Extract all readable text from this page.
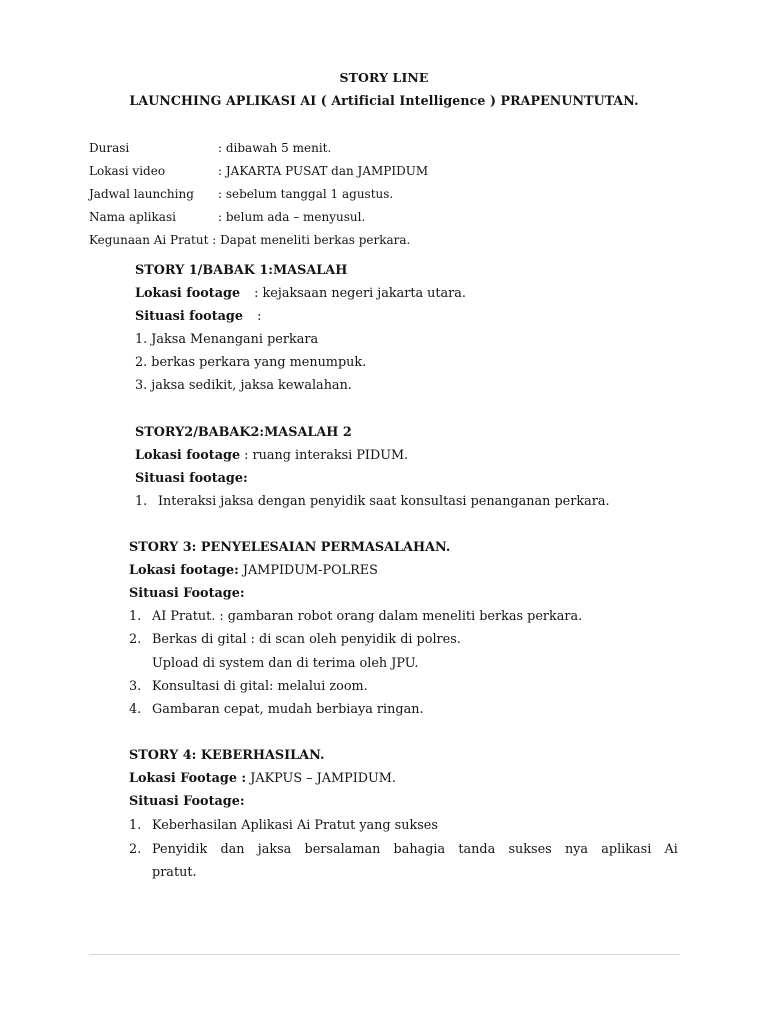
STORY LINE
LAUNCHING APLIKASI AI ( Artificial Intelligence ) PRAPENUNTUTAN.
Durasi	: dibawah 5 menit.
Lokasi video	: JAKARTA PUSAT dan JAMPIDUM
Jadwal launching : sebelum tanggal 1 agustus.
Nama aplikasi	: belum ada – menyusul.
Kegunaan Ai Pratut : Dapat meneliti berkas perkara.
STORY 1/BABAK 1:MASALAH
Lokasi footage : kejaksaan negeri jakarta utara.
Situasi footage :
1. Jaksa Menangani perkara
2. berkas perkara yang menumpuk.
3. jaksa sedikit, jaksa kewalahan.
STORY2/BABAK2:MASALAH 2
Lokasi footage : ruang interaksi PIDUM.
Situasi footage:
1. Interaksi jaksa dengan penyidik saat konsultasi penanganan perkara.
STORY 3: PENYELESAIAN PERMASALAHAN.
Lokasi footage: JAMPIDUM-POLRES
Situasi Footage:
1. AI Pratut. : gambaran robot orang dalam meneliti berkas perkara.
2. Berkas di gital : di scan oleh penyidik di polres.
Upload di system dan di terima oleh JPU.
3. Konsultasi di gital: melalui zoom.
4. Gambaran cepat, mudah berbiaya ringan.
STORY 4: KEBERHASILAN.
Lokasi Footage : JAKPUS – JAMPIDUM.
Situasi Footage:
1. Keberhasilan Aplikasi Ai Pratut yang sukses
2. Penyidik dan jaksa bersalaman bahagia tanda sukses nya aplikasi Ai
pratut.
